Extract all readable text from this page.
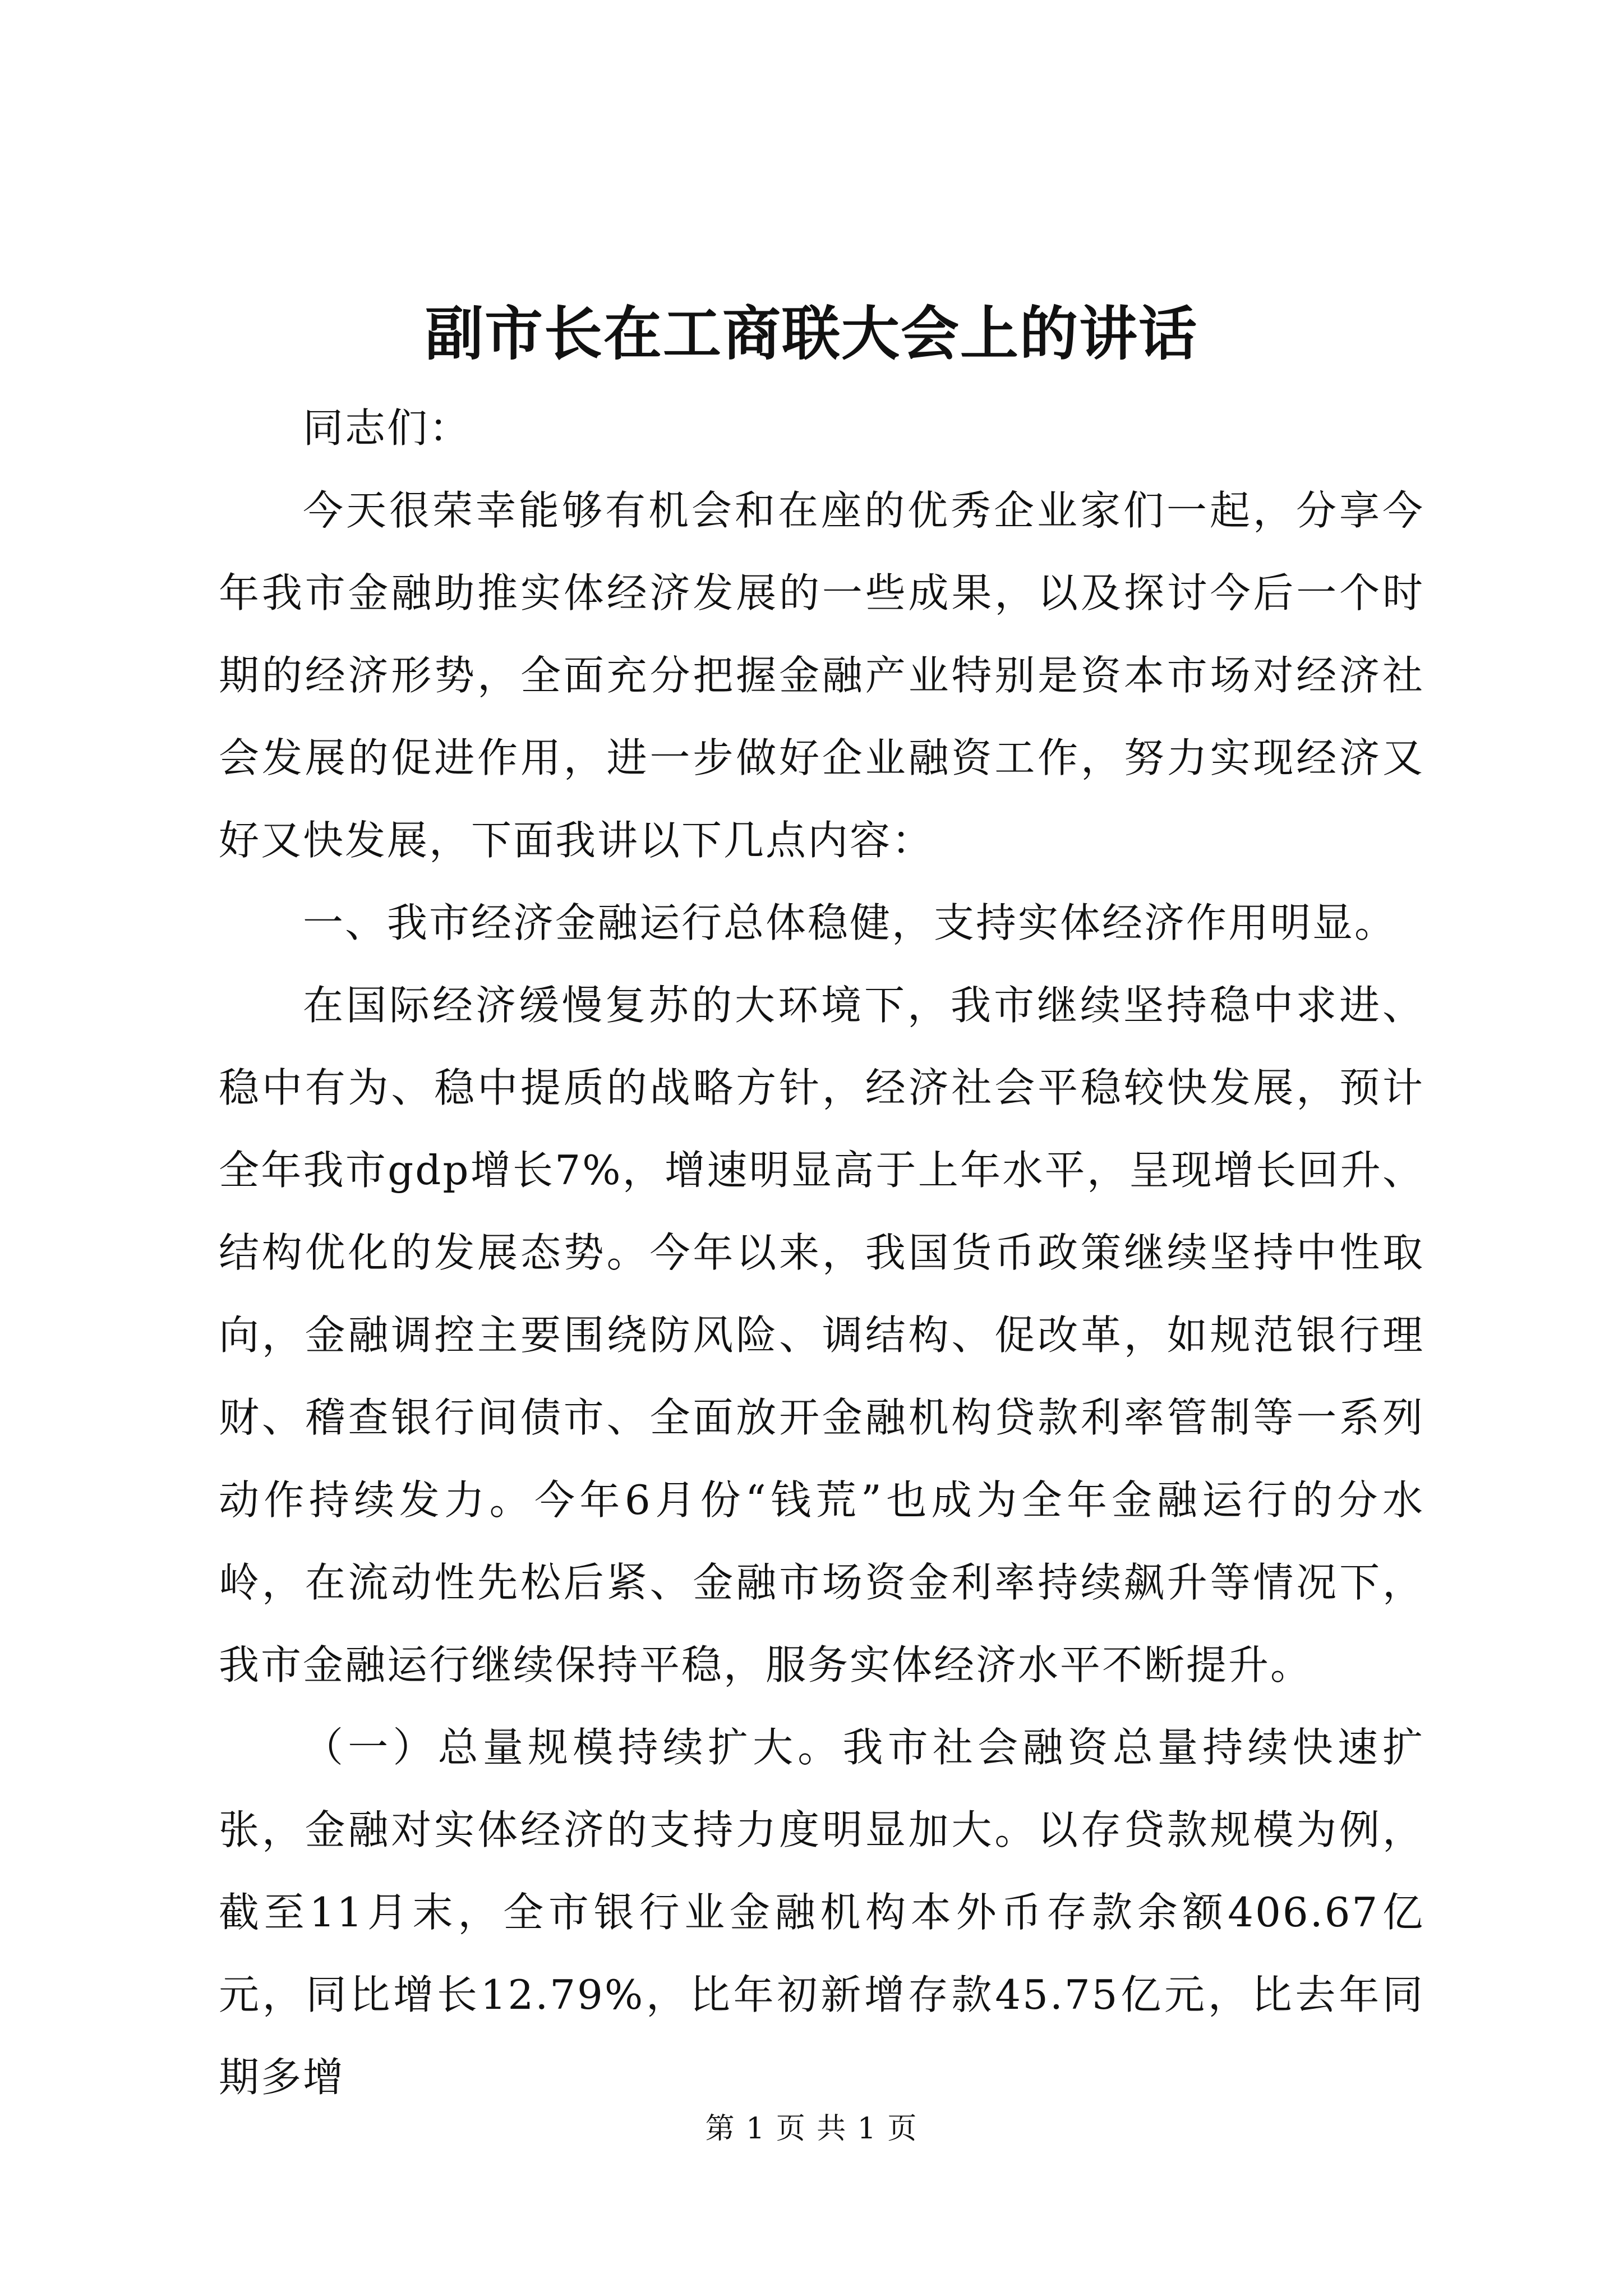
副市长在工商联大会上的讲话

同志们：

今天很荣幸能够有机会和在座的优秀企业家们一起，分享今年我市金融助推实体经济发展的一些成果，以及探讨今后一个时期的经济形势，全面充分把握金融产业特别是资本市场对经济社会发展的促进作用，进一步做好企业融资工作，努力实现经济又好又快发展，下面我讲以下几点内容：

一、我市经济金融运行总体稳健，支持实体经济作用明显。

在国际经济缓慢复苏的大环境下，我市继续坚持稳中求进、稳中有为、稳中提质的战略方针，经济社会平稳较快发展，预计全年我市gdp增长7%，增速明显高于上年水平，呈现增长回升、结构优化的发展态势。今年以来，我国货币政策继续坚持中性取向，金融调控主要围绕防风险、调结构、促改革，如规范银行理财、稽查银行间债市、全面放开金融机构贷款利率管制等一系列动作持续发力。今年6月份“钱荒”也成为全年金融运行的分水岭，在流动性先松后紧、金融市场资金利率持续飙升等情况下，我市金融运行继续保持平稳，服务实体经济水平不断提升。

（一）总量规模持续扩大。我市社会融资总量持续快速扩张，金融对实体经济的支持力度明显加大。以存贷款规模为例，截至11月末，全市银行业金融机构本外币存款余额406.67亿元，同比增长12.79%，比年初新增存款45.75亿元，比去年同期多增

第 1 页 共 1 页
